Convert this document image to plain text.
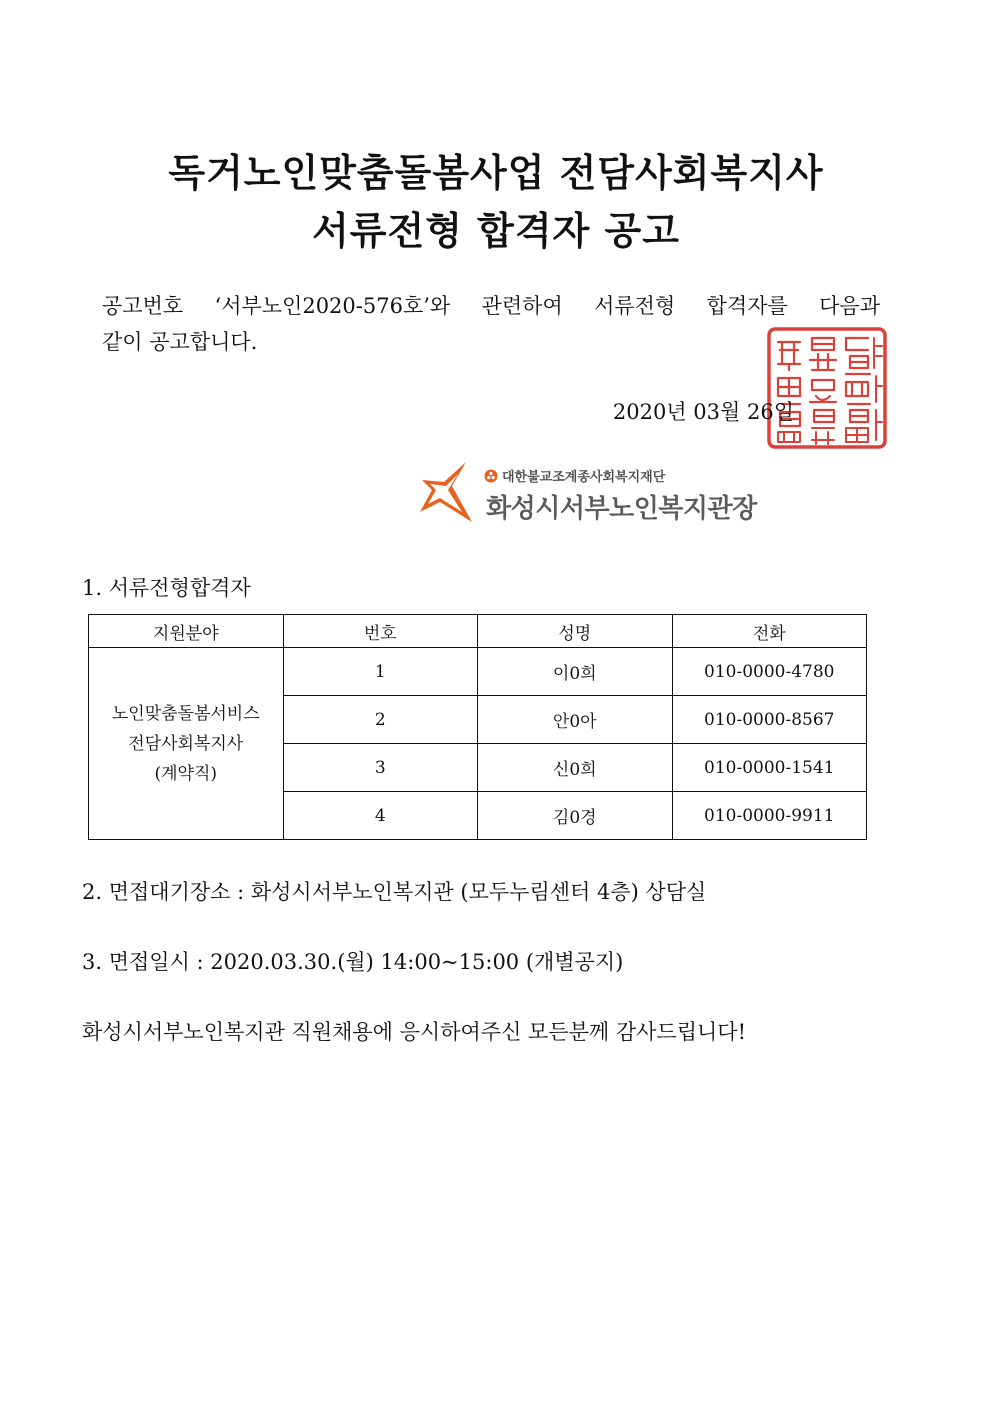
독거노인맞춤돌봄사업 전담사회복지사
서류전형 합격자 공고
공고번호 ‘서부노인2020-576호’와 관련하여 서류전형 합격자를 다음과
같이 공고합니다.
2020년 03월 26일
대한불교조계종사회복지재단
화성시서부노인복지관장
1. 서류전형합격자
지원분야	번호	성명	전화

노인맞춤돌봄서비스
전담사회복지사
(계약직)	1	이0희	010-0000-4780
	2	안0아	010-0000-8567
	3	신0희	010-0000-1541
	4	김0경	010-0000-9911
2. 면접대기장소 : 화성시서부노인복지관 (모두누림센터 4층) 상담실
3. 면접일시 : 2020.03.30.(월) 14:00~15:00 (개별공지)
화성시서부노인복지관 직원채용에 응시하여주신 모든분께 감사드립니다!
